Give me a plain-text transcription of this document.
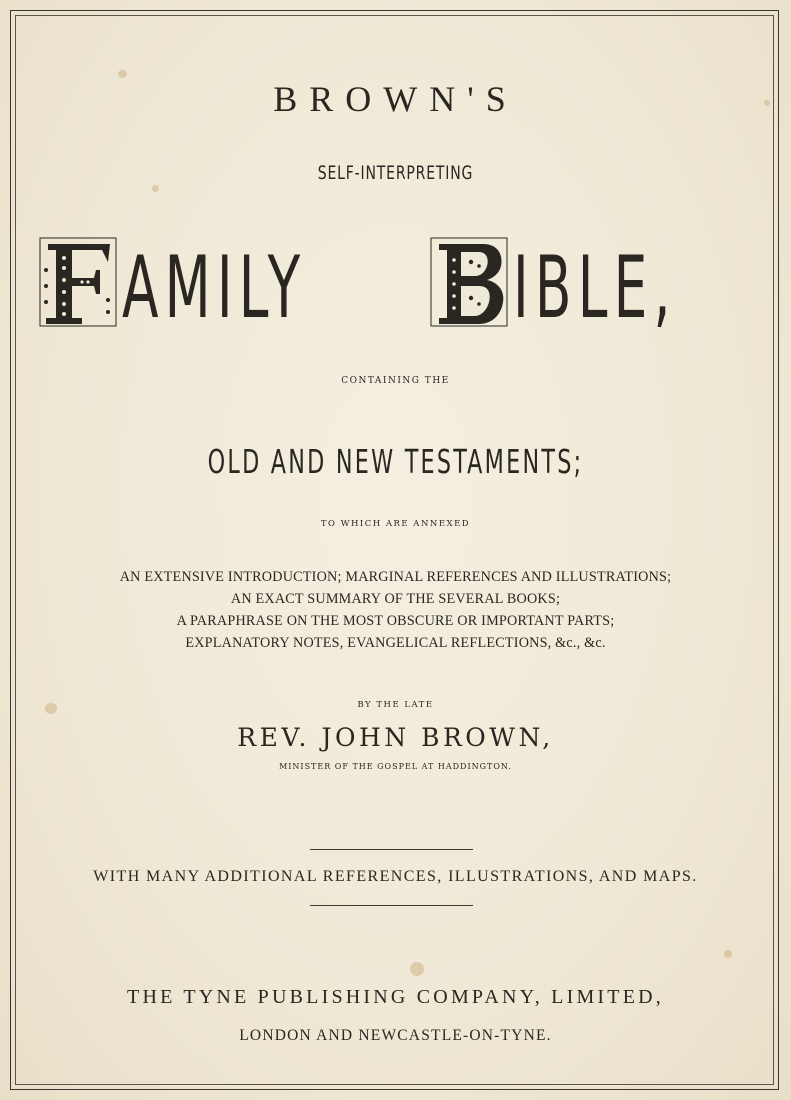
BROWN'S

SELF-INTERPRETING

AMILY IBLE,

CONTAINING THE

OLD AND NEW TESTAMENTS;

TO WHICH ARE ANNEXED

AN EXTENSIVE INTRODUCTION; MARGINAL REFERENCES AND ILLUSTRATIONS;
AN EXACT SUMMARY OF THE SEVERAL BOOKS;
A PARAPHRASE ON THE MOST OBSCURE OR IMPORTANT PARTS;
EXPLANATORY NOTES, EVANGELICAL REFLECTIONS, &c., &c.

BY THE LATE

REV. JOHN BROWN,

MINISTER OF THE GOSPEL AT HADDINGTON.

WITH MANY ADDITIONAL REFERENCES, ILLUSTRATIONS, AND MAPS.

THE TYNE PUBLISHING COMPANY, LIMITED,

LONDON AND NEWCASTLE-ON-TYNE.
